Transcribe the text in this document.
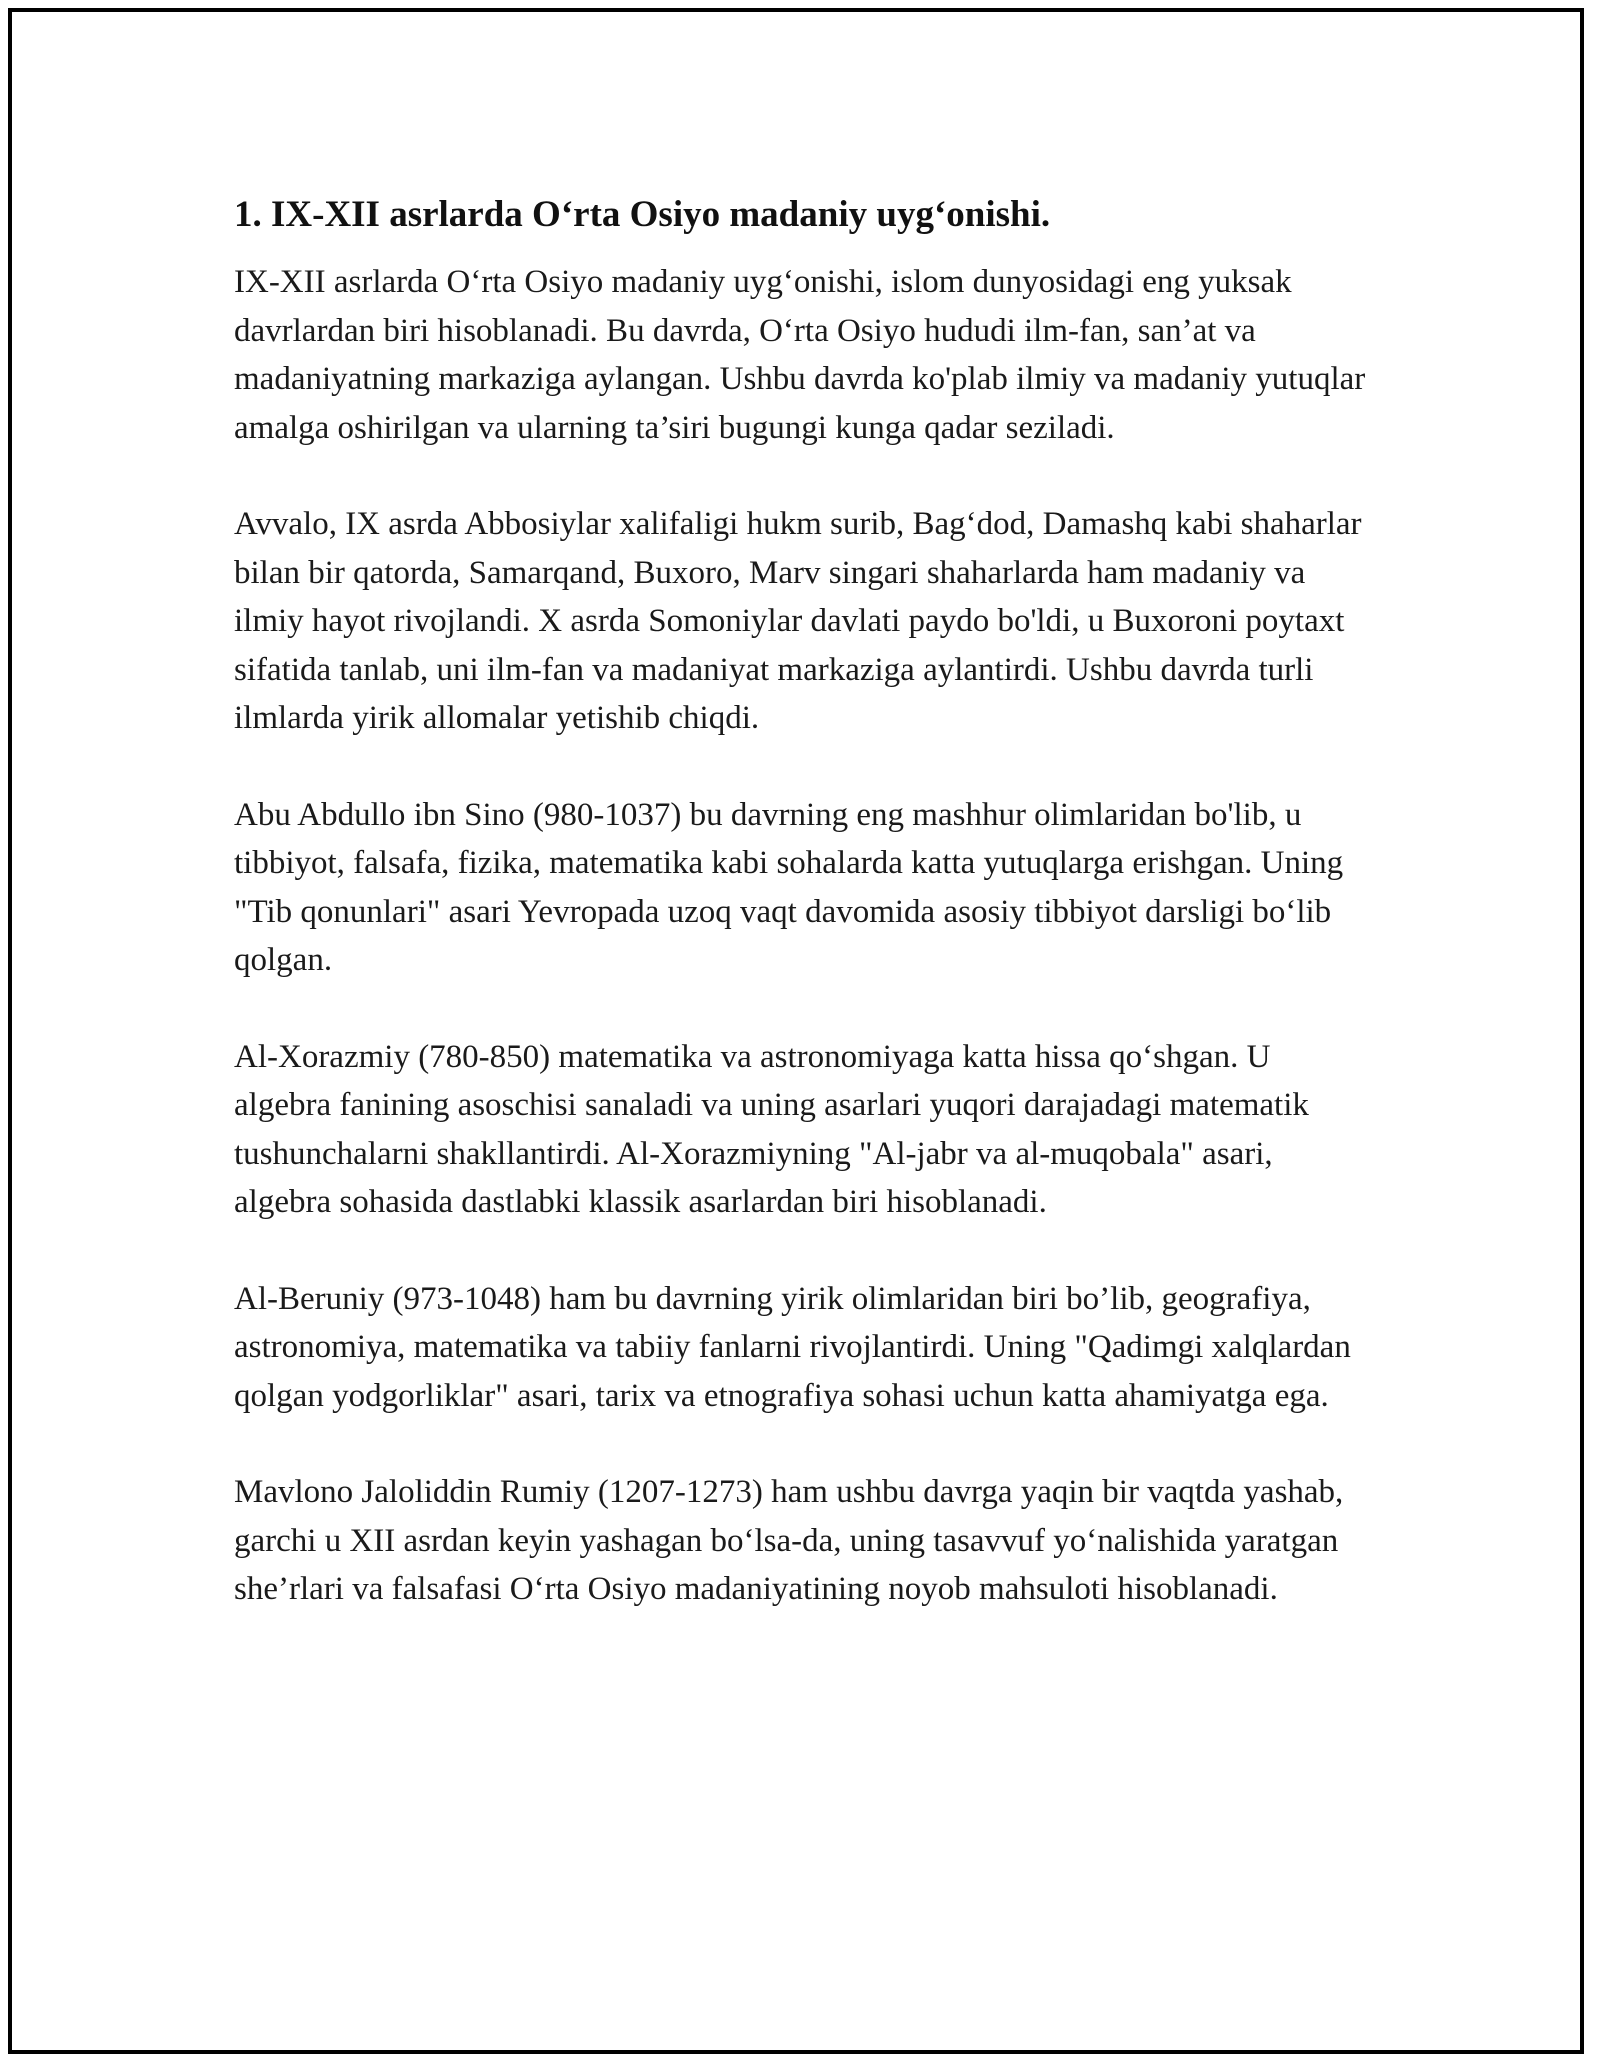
1. IX-XII asrlarda O‘rta Osiyo madaniy uyg‘onishi.

IX-XII asrlarda O‘rta Osiyo madaniy uyg‘onishi, islom dunyosidagi eng yuksak davrlardan biri hisoblanadi. Bu davrda, O‘rta Osiyo hududi ilm-fan, san’at va madaniyatning markaziga aylangan. Ushbu davrda ko'plab ilmiy va madaniy yutuqlar amalga oshirilgan va ularning ta’siri bugungi kunga qadar seziladi.

Avvalo, IX asrda Abbosiylar xalifaligi hukm surib, Bag‘dod, Damashq kabi shaharlar bilan bir qatorda, Samarqand, Buxoro, Marv singari shaharlarda ham madaniy va ilmiy hayot rivojlandi. X asrda Somoniylar davlati paydo bo'ldi, u Buxoroni poytaxt sifatida tanlab, uni ilm-fan va madaniyat markaziga aylantirdi. Ushbu davrda turli ilmlarda yirik allomalar yetishib chiqdi.

Abu Abdullo ibn Sino (980-1037) bu davrning eng mashhur olimlaridan bo'lib, u tibbiyot, falsafa, fizika, matematika kabi sohalarda katta yutuqlarga erishgan. Uning "Tib qonunlari" asari Yevropada uzoq vaqt davomida asosiy tibbiyot darsligi bo‘lib qolgan.

Al-Xorazmiy (780-850) matematika va astronomiyaga katta hissa qo‘shgan. U algebra fanining asoschisi sanaladi va uning asarlari yuqori darajadagi matematik tushunchalarni shakllantirdi. Al-Xorazmiyning "Al-jabr va al-muqobala" asari, algebra sohasida dastlabki klassik asarlardan biri hisoblanadi.

Al-Beruniy (973-1048) ham bu davrning yirik olimlaridan biri bo’lib, geografiya, astronomiya, matematika va tabiiy fanlarni rivojlantirdi. Uning "Qadimgi xalqlardan qolgan yodgorliklar" asari, tarix va etnografiya sohasi uchun katta ahamiyatga ega.

Mavlono Jaloliddin Rumiy (1207-1273) ham ushbu davrga yaqin bir vaqtda yashab, garchi u XII asrdan keyin yashagan bo‘lsa-da, uning tasavvuf yo‘nalishida yaratgan she’rlari va falsafasi O‘rta Osiyo madaniyatining noyob mahsuloti hisoblanadi.
